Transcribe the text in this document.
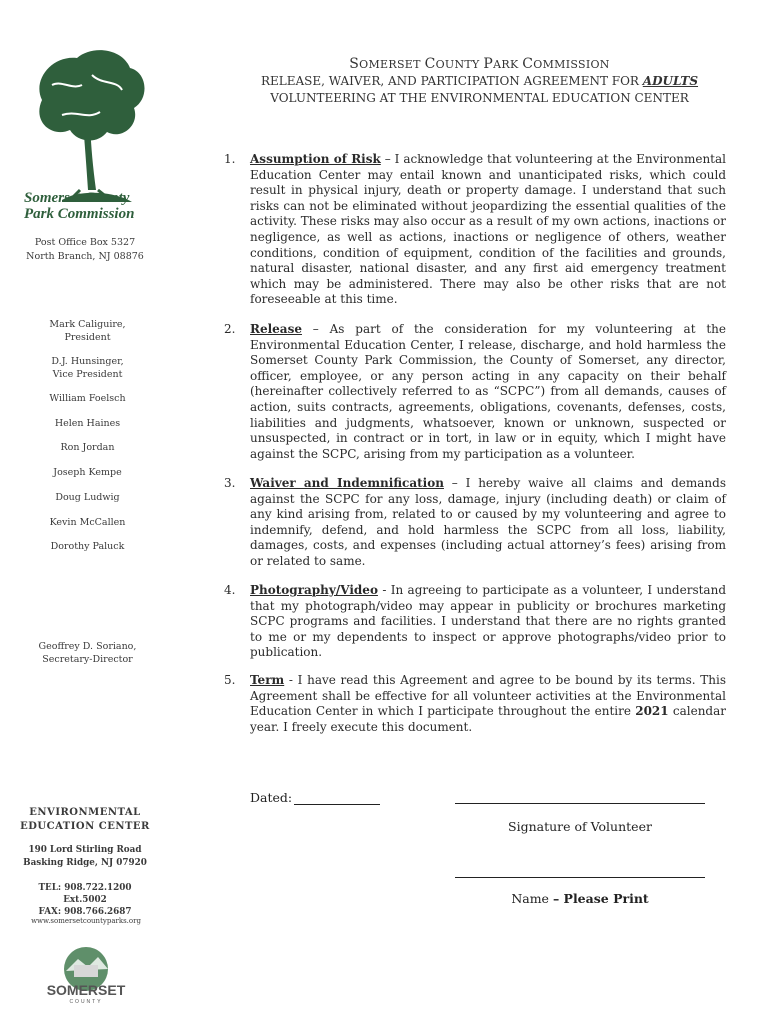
Somerset County
Park Commission
Post Office Box 5327
North Branch, NJ 08876
Mark Caliguire,
President
D.J. Hunsinger,
Vice President
William Foelsch
Helen Haines
Ron Jordan
Joseph Kempe
Doug Ludwig
Kevin McCallen
Dorothy Paluck
Geoffrey D. Soriano,
Secretary-Director
ENVIRONMENTAL
EDUCATION CENTER
190 Lord Stirling Road
Basking Ridge, NJ 07920
TEL: 908.722.1200
Ext.5002
FAX: 908.766.2687
www.somersetcountyparks.org
SOMERSET
COUNTY
SOMERSET COUNTY PARK COMMISSION
RELEASE, WAIVER, AND PARTICIPATION AGREEMENT FOR ADULTS
VOLUNTEERING AT THE ENVIRONMENTAL EDUCATION CENTER
1. Assumption of Risk – I acknowledge that volunteering at the Environmental Education Center may entail known and unanticipated risks, which could result in physical injury, death or property damage. I understand that such risks can not be eliminated without jeopardizing the essential qualities of the activity. These risks may also occur as a result of my own actions, inactions or negligence, as well as actions, inactions or negligence of others, weather conditions, condition of equipment, condition of the facilities and grounds, natural disaster, national disaster, and any first aid emergency treatment which may be administered. There may also be other risks that are not foreseeable at this time.
2. Release – As part of the consideration for my volunteering at the Environmental Education Center, I release, discharge, and hold harmless the Somerset County Park Commission, the County of Somerset, any director, officer, employee, or any person acting in any capacity on their behalf (hereinafter collectively referred to as “SCPC”) from all demands, causes of action, suits contracts, agreements, obligations, covenants, defenses, costs, liabilities and judgments, whatsoever, known or unknown, suspected or unsuspected, in contract or in tort, in law or in equity, which I might have against the SCPC, arising from my participation as a volunteer.
3. Waiver and Indemnification – I hereby waive all claims and demands against the SCPC for any loss, damage, injury (including death) or claim of any kind arising from, related to or caused by my volunteering and agree to indemnify, defend, and hold harmless the SCPC from all loss, liability, damages, costs, and expenses (including actual attorney’s fees) arising from or related to same.
4. Photography/Video - In agreeing to participate as a volunteer, I understand that my photograph/video may appear in publicity or brochures marketing SCPC programs and facilities. I understand that there are no rights granted to me or my dependents to inspect or approve photographs/video prior to publication.
5. Term - I have read this Agreement and agree to be bound by its terms. This Agreement shall be effective for all volunteer activities at the Environmental Education Center in which I participate throughout the entire 2021 calendar year. I freely execute this document.
Dated:
Signature of Volunteer
Name – Please Print
